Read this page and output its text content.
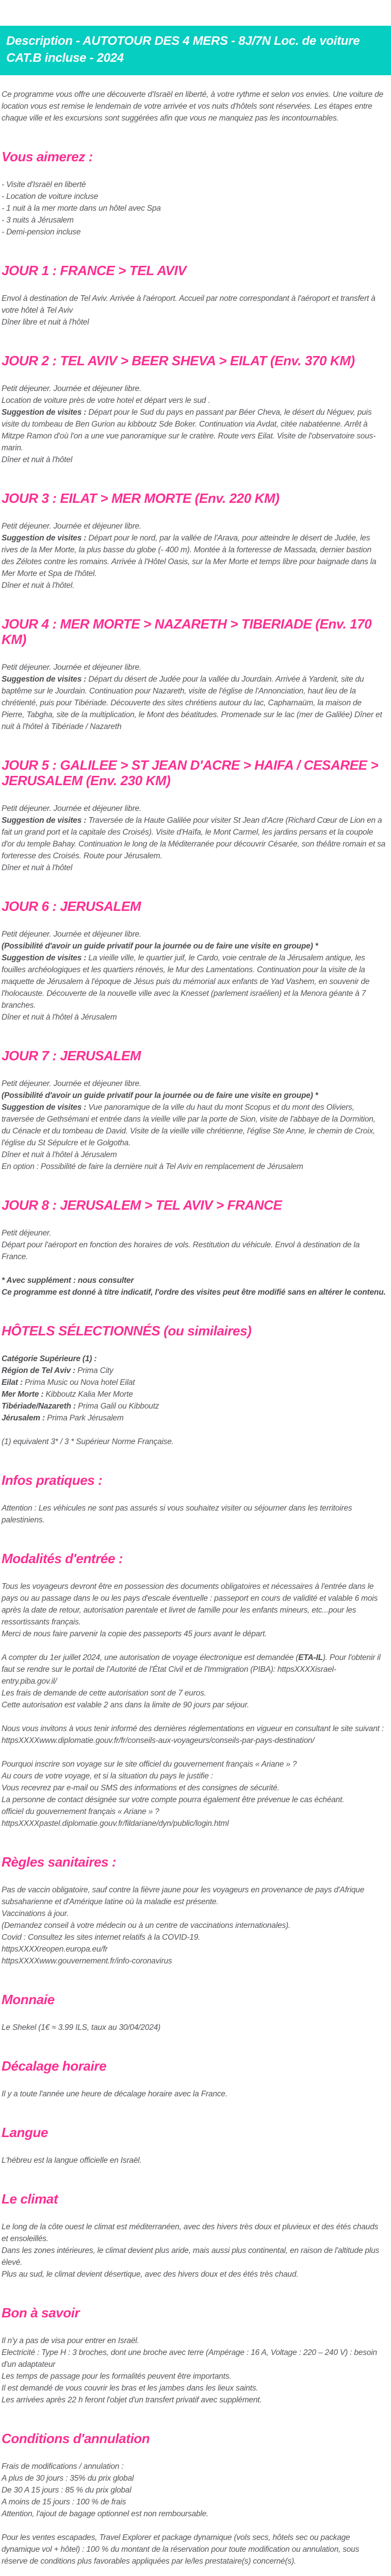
Description - AUTOTOUR DES 4 MERS - 8J/7N Loc. de voiture CAT.B incluse - 2024
Ce programme vous offre une découverte d'Israël en liberté, à votre rythme et selon vos envies. Une voiture de location vous est remise le lendemain de votre arrivée et vos nuits d'hôtels sont réservées. Les étapes entre chaque ville et les excursions sont suggérées afin que vous ne manquiez pas les incontournables.
Vous aimerez :
- Visite d'Israël en liberté
- Location de voiture incluse
- 1 nuit à la mer morte dans un hôtel avec Spa
- 3 nuits à Jérusalem
- Demi-pension incluse
JOUR 1 : FRANCE > TEL AVIV
Envol à destination de Tel Aviv. Arrivée à l'aéroport. Accueil par notre correspondant à l'aéroport et transfert à votre hôtel à Tel Aviv
Dîner libre et nuit à l'hôtel
JOUR 2 : TEL AVIV > BEER SHEVA > EILAT (Env. 370 KM)
Petit déjeuner. Journée et déjeuner libre.
Location de voiture près de votre hotel et départ vers le sud .
Suggestion de visites : Départ pour le Sud du pays en passant par Béer Cheva, le désert du Néguev, puis visite du tombeau de Ben Gurion au kibboutz Sde Boker. Continuation via Avdat, citée nabatéenne. Arrêt à Mitzpe Ramon d'où l'on a une vue panoramique sur le cratère. Route vers Eilat. Visite de l'observatoire sous-marin.
Dîner et nuit à l'hôtel
JOUR 3 : EILAT > MER MORTE (Env. 220 KM)
Petit déjeuner. Journée et déjeuner libre.
Suggestion de visites : Départ pour le nord, par la vallée de l'Arava, pour atteindre le désert de Judée, les rives de la Mer Morte, la plus basse du globe (- 400 m). Montée à la forteresse de Massada, dernier bastion des Zélotes contre les romains. Arrivée à l'Hôtel Oasis, sur la Mer Morte et temps libre pour baignade dans la Mer Morte et Spa de l'hôtel.
Dîner et nuit à l'hôtel.
JOUR 4 : MER MORTE > NAZARETH > TIBERIADE (Env. 170 KM)
Petit déjeuner. Journée et déjeuner libre.
Suggestion de visites : Départ du désert de Judée pour la vallée du Jourdain. Arrivée à Yardenit, site du baptême sur le Jourdain. Continuation pour Nazareth, visite de l'église de l'Annonciation, haut lieu de la chrétienté, puis pour Tibériade. Découverte des sites chrétiens autour du lac, Capharnaüm, la maison de Pierre, Tabgha, site de la multiplication, le Mont des béatitudes. Promenade sur le lac (mer de Galilée) Dîner et nuit à l'hôtel à Tibériade / Nazareth
JOUR 5 : GALILEE > ST JEAN D'ACRE > HAIFA / CESAREE > JERUSALEM (Env. 230 KM)
Petit déjeuner. Journée et déjeuner libre.
Suggestion de visites : Traversée de la Haute Galilée pour visiter St Jean d'Acre (Richard Cœur de Lion en a fait un grand port et la capitale des Croisés). Visite d'Haïfa, le Mont Carmel, les jardins persans et la coupole d'or du temple Bahay. Continuation le long de la Méditerranée pour découvrir Césarée, son théâtre romain et sa forteresse des Croisés. Route pour Jérusalem.
Dîner et nuit à l'hôtel
JOUR 6 : JERUSALEM
Petit déjeuner. Journée et déjeuner libre.
(Possibilité d'avoir un guide privatif pour la journée ou de faire une visite en groupe) *
Suggestion de visites : La vieille ville, le quartier juif, le Cardo, voie centrale de la Jérusalem antique, les fouilles archéologiques et les quartiers rénovés, le Mur des Lamentations. Continuation pour la visite de la maquette de Jérusalem à l'époque de Jésus puis du mémorial aux enfants de Yad Vashem, en souvenir de l'holocauste. Découverte de la nouvelle ville avec la Knesset (parlement israélien) et la Menora géante à 7 branches.
Dîner et nuit à l'hôtel à Jérusalem
JOUR 7 : JERUSALEM
Petit déjeuner. Journée et déjeuner libre.
(Possibilité d'avoir un guide privatif pour la journée ou de faire une visite en groupe) *
Suggestion de visites : Vue panoramique de la ville du haut du mont Scopus et du mont des Oliviers, traversée de Gethsémani et entrée dans la vieille ville par la porte de Sion, visite de l'abbaye de la Dormition, du Cénacle et du tombeau de David. Visite de la vieille ville chrétienne, l'église Ste Anne, le chemin de Croix, l'église du St Sépulcre et le Golgotha.
Dîner et nuit à l'hôtel à Jérusalem
En option : Possibilité de faire la dernière nuit à Tel Aviv en remplacement de Jérusalem
JOUR 8 : JERUSALEM > TEL AVIV > FRANCE
Petit déjeuner.
Départ pour l'aéroport en fonction des horaires de vols. Restitution du véhicule. Envol à destination de la France.
* Avec supplément : nous consulter
Ce programme est donné à titre indicatif, l'ordre des visites peut être modifié sans en altérer le contenu.
HÔTELS SÉLECTIONNÉS (ou similaires)
Catégorie Supérieure (1) :
Région de Tel Aviv : Prima City
Eilat : Prima Music ou Nova hotel Eilat
Mer Morte : Kibboutz Kalia Mer Morte
Tibériade/Nazareth : Prima Galil ou Kibboutz
Jérusalem : Prima Park Jérusalem
(1) equivalent 3* / 3 * Supérieur Norme Française.
Infos pratiques :
Attention : Les véhicules ne sont pas assurés si vous souhaitez visiter ou séjourner dans les territoires palestiniens.
Modalités d'entrée :
Tous les voyageurs devront être en possession des documents obligatoires et nécessaires à l'entrée dans le pays ou au passage dans le ou les pays d'escale éventuelle : passeport en cours de validité et valable 6 mois après la date de retour, autorisation parentale et livret de famille pour les enfants mineurs, etc...pour les ressortissants français.
Merci de nous faire parvenir la copie des passeports 45 jours avant le départ.
A compter du 1er juillet 2024, une autorisation de voyage électronique est demandée (ETA-IL). Pour l'obtenir il faut se rendre sur le portail de l'Autorité de l'État Civil et de l'Immigration (PIBA): httpsXXXXisrael-entry.piba.gov.il/
Les frais de demande de cette autorisation sont de 7 euros.
Cette autorisation est valable 2 ans dans la limite de 90 jours par séjour.
Nous vous invitons à vous tenir informé des dernières réglementations en vigueur en consultant le site suivant : httpsXXXXwww.diplomatie.gouv.fr/fr/conseils-aux-voyageurs/conseils-par-pays-destination/
Pourquoi inscrire son voyage sur le site officiel du gouvernement français « Ariane » ?
Au cours de votre voyage, et si la situation du pays le justifie :
Vous recevrez par e-mail ou SMS des informations et des consignes de sécurité.
La personne de contact désignée sur votre compte pourra également être prévenue le cas échéant.
officiel du gouvernement français « Ariane » ?
httpsXXXXpastel.diplomatie.gouv.fr/fildariane/dyn/public/login.html
Règles sanitaires :
Pas de vaccin obligatoire, sauf contre la fièvre jaune pour les voyageurs en provenance de pays d'Afrique subsaharienne et d'Amérique latine où la maladie est présente.
Vaccinations à jour.
(Demandez conseil à votre médecin ou à un centre de vaccinations internationales).
Covid : Consultez les sites internet relatifs à la COVID-19.
httpsXXXXreopen.europa.eu/fr
httpsXXXXwww.gouvernement.fr/info-coronavirus
Monnaie
Le Shekel (1€ ≈ 3.99 ILS, taux au 30/04/2024)
Décalage horaire
Il y a toute l'année une heure de décalage horaire avec la France.
Langue
L'hébreu est la langue officielle en Israël.
Le climat
Le long de la côte ouest le climat est méditerranéen, avec des hivers très doux et pluvieux et des étés chauds et ensoleillés.
Dans les zones intérieures, le climat devient plus aride, mais aussi plus continental, en raison de l'altitude plus élevé.
Plus au sud, le climat devient désertique, avec des hivers doux et des étés très chaud.
Bon à savoir
Il n'y a pas de visa pour entrer en Israël.
Electricité : Type H : 3 broches, dont une broche avec terre (Ampérage : 16 A, Voltage : 220 – 240 V) : besoin d'un adaptateur
Les temps de passage pour les formalités peuvent être importants.
Il est demandé de vous couvrir les bras et les jambes dans les lieux saints.
Les arrivées après 22 h feront l'objet d'un transfert privatif avec supplément.
Conditions d'annulation
Frais de modifications / annulation :
A plus de 30 jours : 35% du prix global
De 30 A 15 jours : 85 % du prix global
A moins de 15 jours : 100 % de frais
Attention, l'ajout de bagage optionnel est non remboursable.
Pour les ventes escapades, Travel Explorer et package dynamique (vols secs, hôtels sec ou package dynamique vol + hôtel) : 100 % du montant de la réservation pour toute modification ou annulation, sous réserve de conditions plus favorables appliquées par le/les prestataire(s) concerné(s).
